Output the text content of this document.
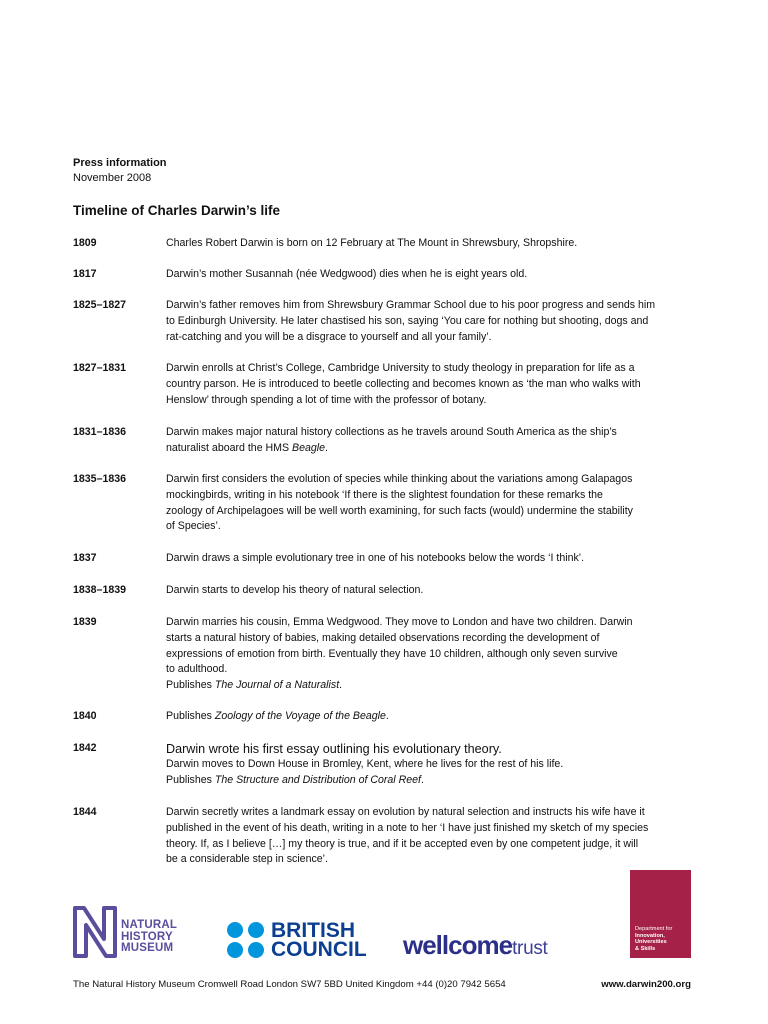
Press information
November 2008
Timeline of Charles Darwin’s life
1809	Charles Robert Darwin is born on 12 February at The Mount in Shrewsbury, Shropshire.
1817	Darwin’s mother Susannah (née Wedgwood) dies when he is eight years old.
1825–1827	Darwin’s father removes him from Shrewsbury Grammar School due to his poor progress and sends him
to Edinburgh University. He later chastised his son, saying ‘You care for nothing but shooting, dogs and
rat-catching and you will be a disgrace to yourself and all your family’.
1827–1831	Darwin enrolls at Christ’s College, Cambridge University to study theology in preparation for life as a
country parson. He is introduced to beetle collecting and becomes known as ‘the man who walks with
Henslow’ through spending a lot of time with the professor of botany.
1831–1836	Darwin makes major natural history collections as he travels around South America as the ship’s
naturalist aboard the HMS Beagle.
1835–1836	Darwin first considers the evolution of species while thinking about the variations among Galapagos
mockingbirds, writing in his notebook ‘If there is the slightest foundation for these remarks the
zoology of Archipelagoes will be well worth examining, for such facts (would) undermine the stability
of Species’.
1837	Darwin draws a simple evolutionary tree in one of his notebooks below the words ‘I think’.
1838–1839	Darwin starts to develop his theory of natural selection.
1839	Darwin marries his cousin, Emma Wedgwood. They move to London and have two children. Darwin
starts a natural history of babies, making detailed observations recording the development of
expressions of emotion from birth. Eventually they have 10 children, although only seven survive
to adulthood.
Publishes The Journal of a Naturalist.
1840	Publishes Zoology of the Voyage of the Beagle.
1842	Darwin wrote his first essay outlining his evolutionary theory.
Darwin moves to Down House in Bromley, Kent, where he lives for the rest of his life.
Publishes The Structure and Distribution of Coral Reef.
1844	Darwin secretly writes a landmark essay on evolution by natural selection and instructs his wife have it
published in the event of his death, writing in a note to her ‘I have just finished my sketch of my species
theory. If, as I believe […] my theory is true, and if it be accepted even by one competent judge, it will
be a considerable step in science’.
NATURAL
HISTORY
MUSEUM
BRITISH
COUNCIL wellcometrust
Department for
Innovation,
Universities
& Skills
The Natural History Museum Cromwell Road London SW7 5BD United Kingdom +44 (0)20 7942 5654	www.darwin200.org
